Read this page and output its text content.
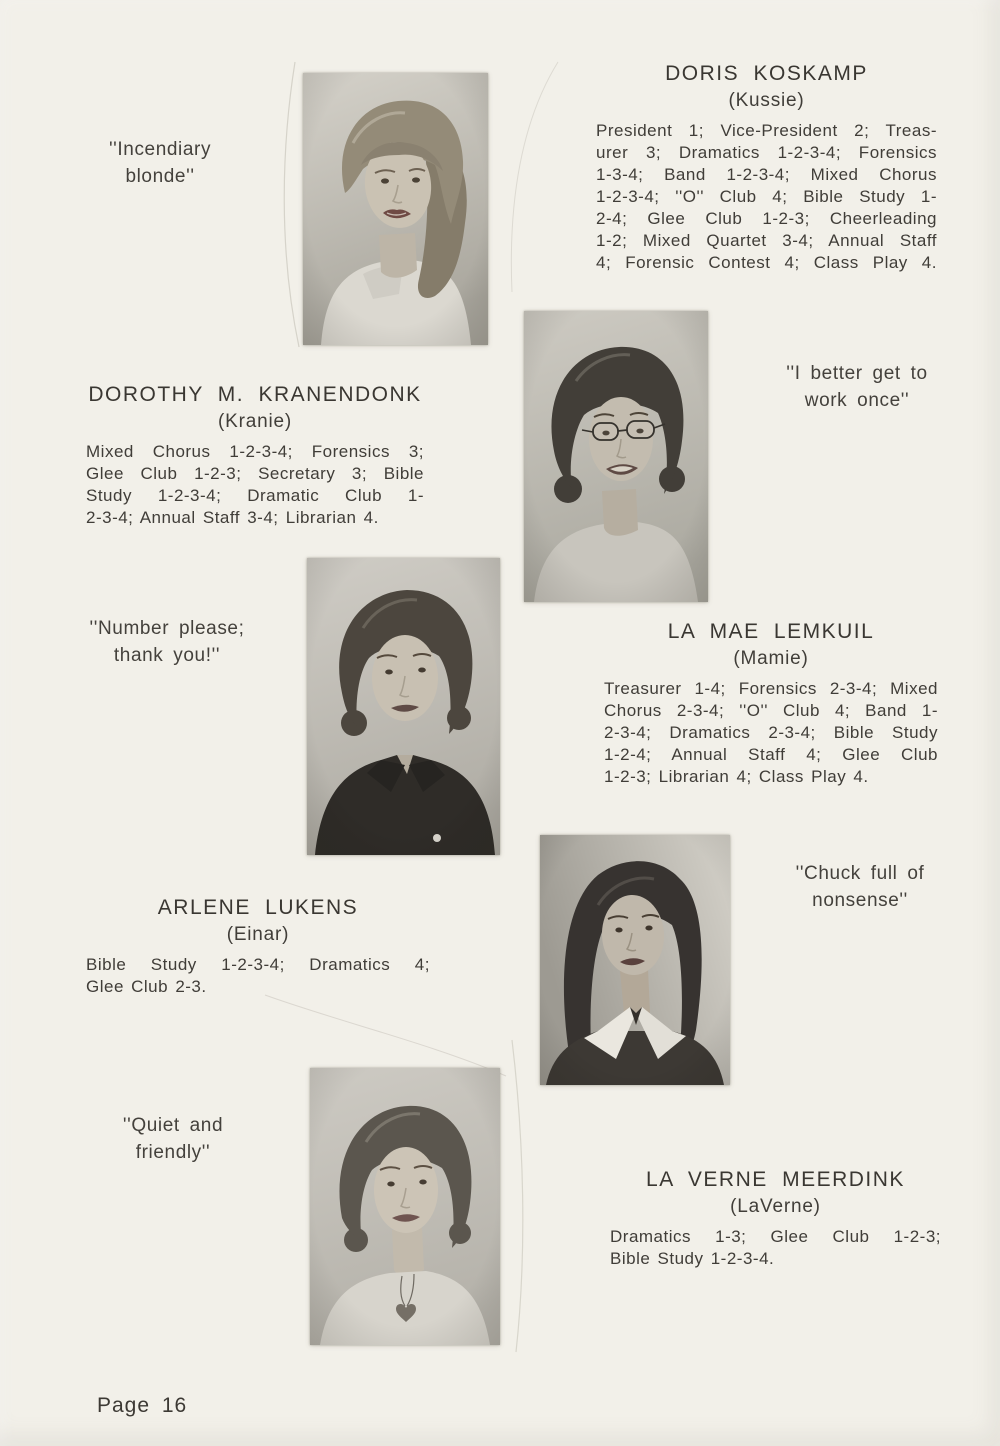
''Incendiary
blonde''
DORIS KOSKAMP
(Kussie)
President 1; Vice-President 2; Treas-
urer 3; Dramatics 1-2-3-4; Forensics
1-3-4; Band 1-2-3-4; Mixed Chorus
1-2-3-4; ''O'' Club 4; Bible Study 1-
2-4; Glee Club 1-2-3; Cheerleading
1-2; Mixed Quartet 3-4; Annual Staff
4; Forensic Contest 4; Class Play 4.
''I better get to
work once''
DOROTHY M. KRANENDONK
(Kranie)
Mixed Chorus 1-2-3-4; Forensics 3;
Glee Club 1-2-3; Secretary 3; Bible
Study 1-2-3-4; Dramatic Club 1-
2-3-4; Annual Staff 3-4; Librarian 4.
''Number please;
thank you!''
LA MAE LEMKUIL
(Mamie)
Treasurer 1-4; Forensics 2-3-4; Mixed
Chorus 2-3-4; ''O'' Club 4; Band 1-
2-3-4; Dramatics 2-3-4; Bible Study
1-2-4; Annual Staff 4; Glee Club
1-2-3; Librarian 4; Class Play 4.
ARLENE LUKENS
(Einar)
Bible Study 1-2-3-4; Dramatics 4;
Glee Club 2-3.
''Chuck full of
nonsense''
''Quiet and
friendly''
LA VERNE MEERDINK
(LaVerne)
Dramatics 1-3; Glee Club 1-2-3;
Bible Study 1-2-3-4.
Page 16
